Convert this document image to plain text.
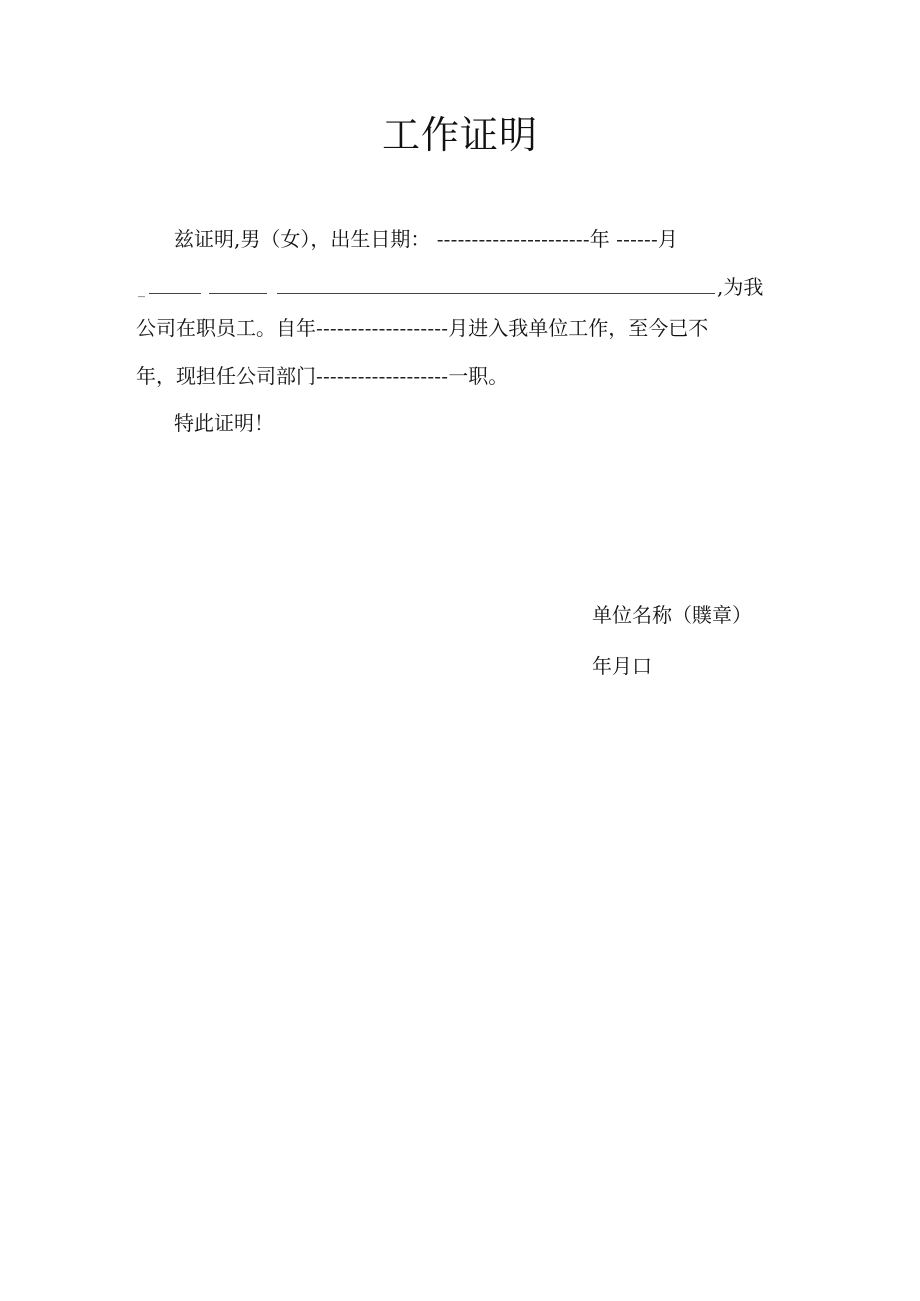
工作证明
兹证明,男（女），出生日期： ----------------------年 ------月
_	,为我
公司在职员工。自年-------------------月进入我单位工作，至今已不
年，现担任公司部门-------------------一职。
特此证明！
单位名称（贌章）
年月口
